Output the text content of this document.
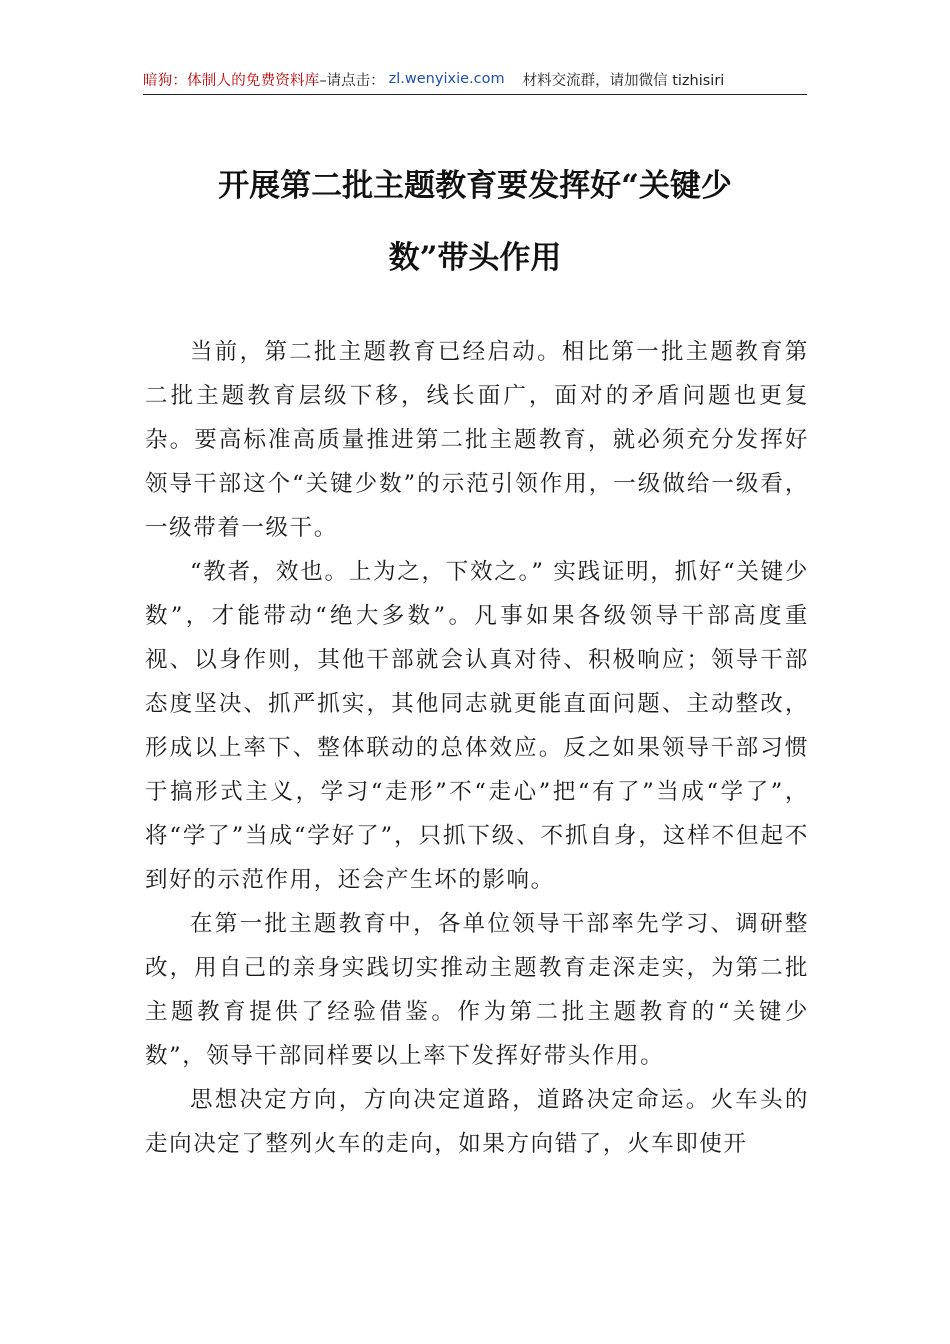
暗狗：体制人的免费资料库 –请点击： zl.wenyixie.com 材料交流群，请加微信 tizhisiri
开展第二批主题教育要发挥好“关键少
数”带头作用

当前，第二批主题教育已经启动。相比第一批主题教育第二批主题教育层级下移，线长面广，面对的矛盾问题也更复杂。要高标准高质量推进第二批主题教育，就必须充分发挥好领导干部这个“关键少数”的示范引领作用，一级做给一级看，一级带着一级干。

“教者，效也。上为之，下效之。” 实践证明，抓好“关键少数”，才能带动“绝大多数”。凡事如果各级领导干部高度重视、以身作则，其他干部就会认真对待、积极响应；领导干部态度坚决、抓严抓实，其他同志就更能直面问题、主动整改，形成以上率下、整体联动的总体效应。反之如果领导干部习惯于搞形式主义，学习“走形”不“走心”把“有了”当成“学了”，将“学了”当成“学好了”，只抓下级、不抓自身，这样不但起不到好的示范作用，还会产生坏的影响。

在第一批主题教育中，各单位领导干部率先学习、调研整改，用自己的亲身实践切实推动主题教育走深走实，为第二批主题教育提供了经验借鉴。作为第二批主题教育的“关键少数”，领导干部同样要以上率下发挥好带头作用。

思想决定方向，方向决定道路，道路决定命运。火车头的走向决定了整列火车的走向，如果方向错了，火车即使开
